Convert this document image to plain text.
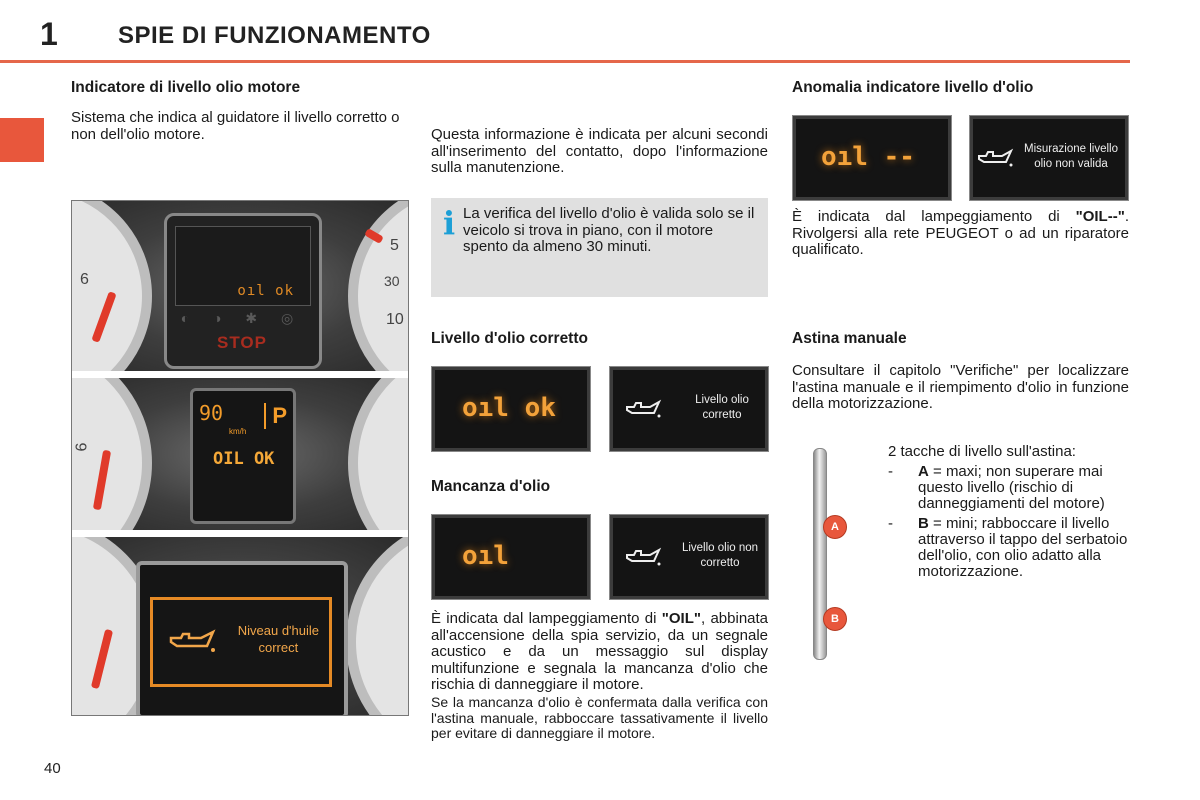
1	SPIE DI FUNZIONAMENTO
Indicatore di livello olio motore

Sistema che indica al guidatore il livello corretto o non dell'olio motore.

6
5
30
10
oıl ok
◐ ◑ ✱ ◎
STOP
6
90
km/h
P
OIL OK
Niveau d'huile
correct

Questa informazione è indicata per alcuni secondi all'inserimento del contatto, dopo l'informazione sulla manutenzione.

i La verifica del livello d'olio è valida solo se il veicolo si trova in piano, con il motore spento da almeno 30 minuti.

Livello d'olio corretto
oıl ok	Livello olio
corretto
Mancanza d'olio
oıl	Livello olio non
corretto

È indicata dal lampeggiamento di "OIL", abbinata all'accensione della spia servizio, da un segnale acustico e da un messaggio sul display multifunzione e segnala la mancanza d'olio che rischia di danneggiare il motore.

Se la mancanza d'olio è confermata dalla verifica con l'astina manuale, rabboccare tassativamente il livello per evitare di danneggiare il motore.

Anomalia indicatore livello d'olio
oıl --	Misurazione livello
olio non valida

È indicata dal lampeggiamento di "OIL--". Rivolgersi alla rete PEUGEOT o ad un riparatore qualificato.

Astina manuale

Consultare il capitolo "Verifiche" per localizzare l'astina manuale e il riempimento d'olio in funzione della motorizzazione.

A
B
2 tacche di livello sull'astina:
-	A = maxi; non superare mai questo livello (rischio di danneggiamenti del motore)
-	B = mini; rabboccare il livello attraverso il tappo del serbatoio dell'olio, con olio adatto alla motorizzazione.
40
